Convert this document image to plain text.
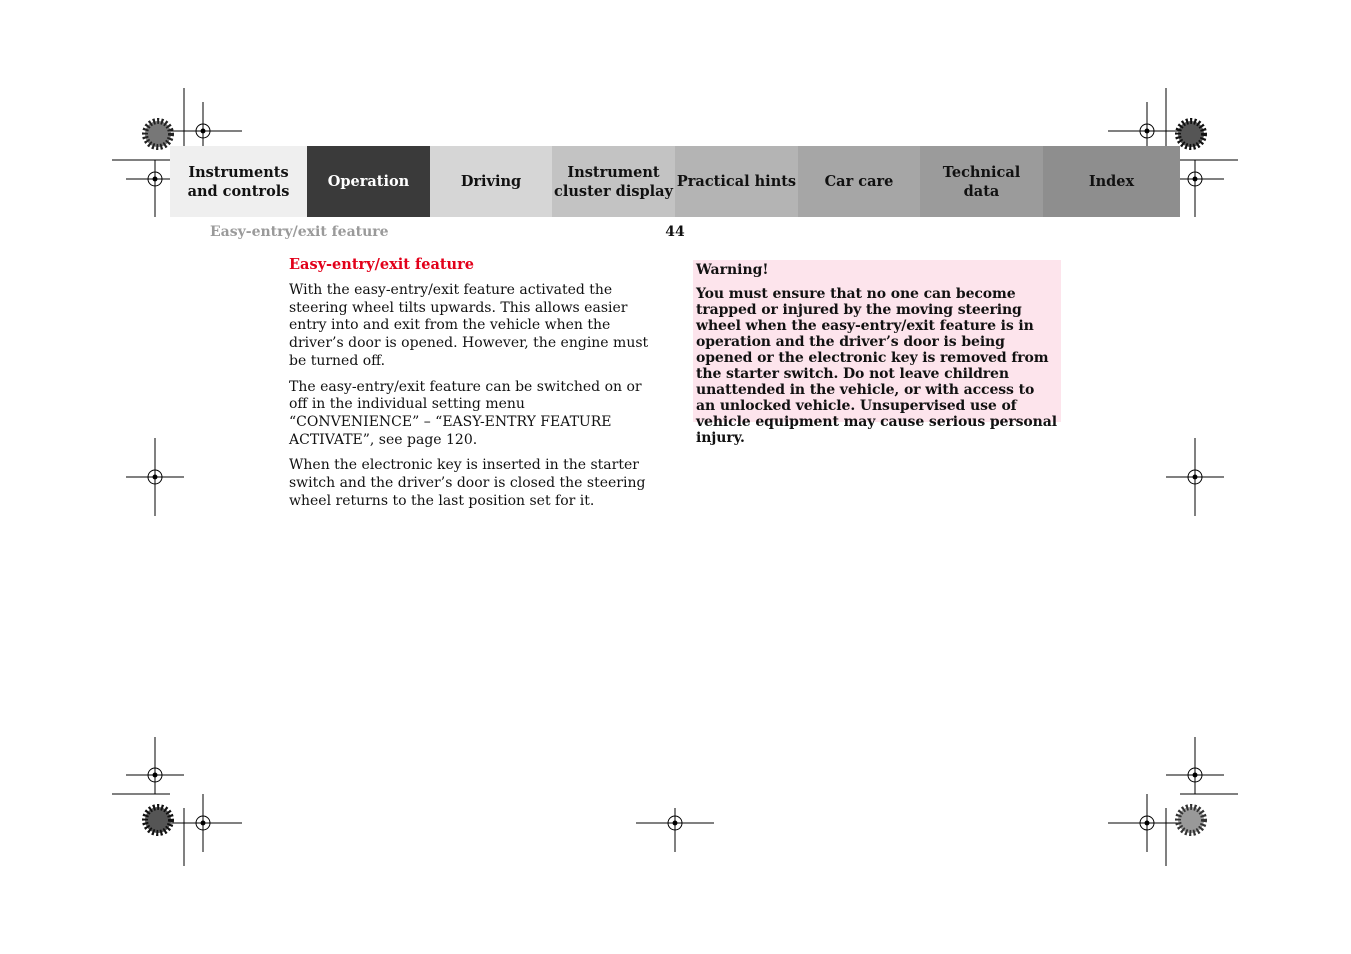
Instruments
and controls
Operation	Driving
Instrument
cluster display
Practical hints	Car care
Technical
data
Index
Easy-entry/exit feature	44
Easy-entry/exit feature

With the easy-entry/exit feature activated the steering wheel tilts upwards. This allows easier entry into and exit from the vehicle when the driver’s door is opened. However, the engine must be turned off.

The easy-entry/exit feature can be switched on or off in the individual setting menu “CONVENIENCE” – “EASY-ENTRY FEATURE ACTIVATE”, see page 120.

When the electronic key is inserted in the starter switch and the driver’s door is closed the steering wheel returns to the last position set for it.

Warning!

You must ensure that no one can become trapped or injured by the moving steering wheel when the easy-entry/exit feature is in operation and the driver’s door is being opened or the electronic key is removed from the starter switch. Do not leave children unattended in the vehicle, or with access to an unlocked vehicle. Unsupervised use of vehicle equipment may cause serious personal injury.
